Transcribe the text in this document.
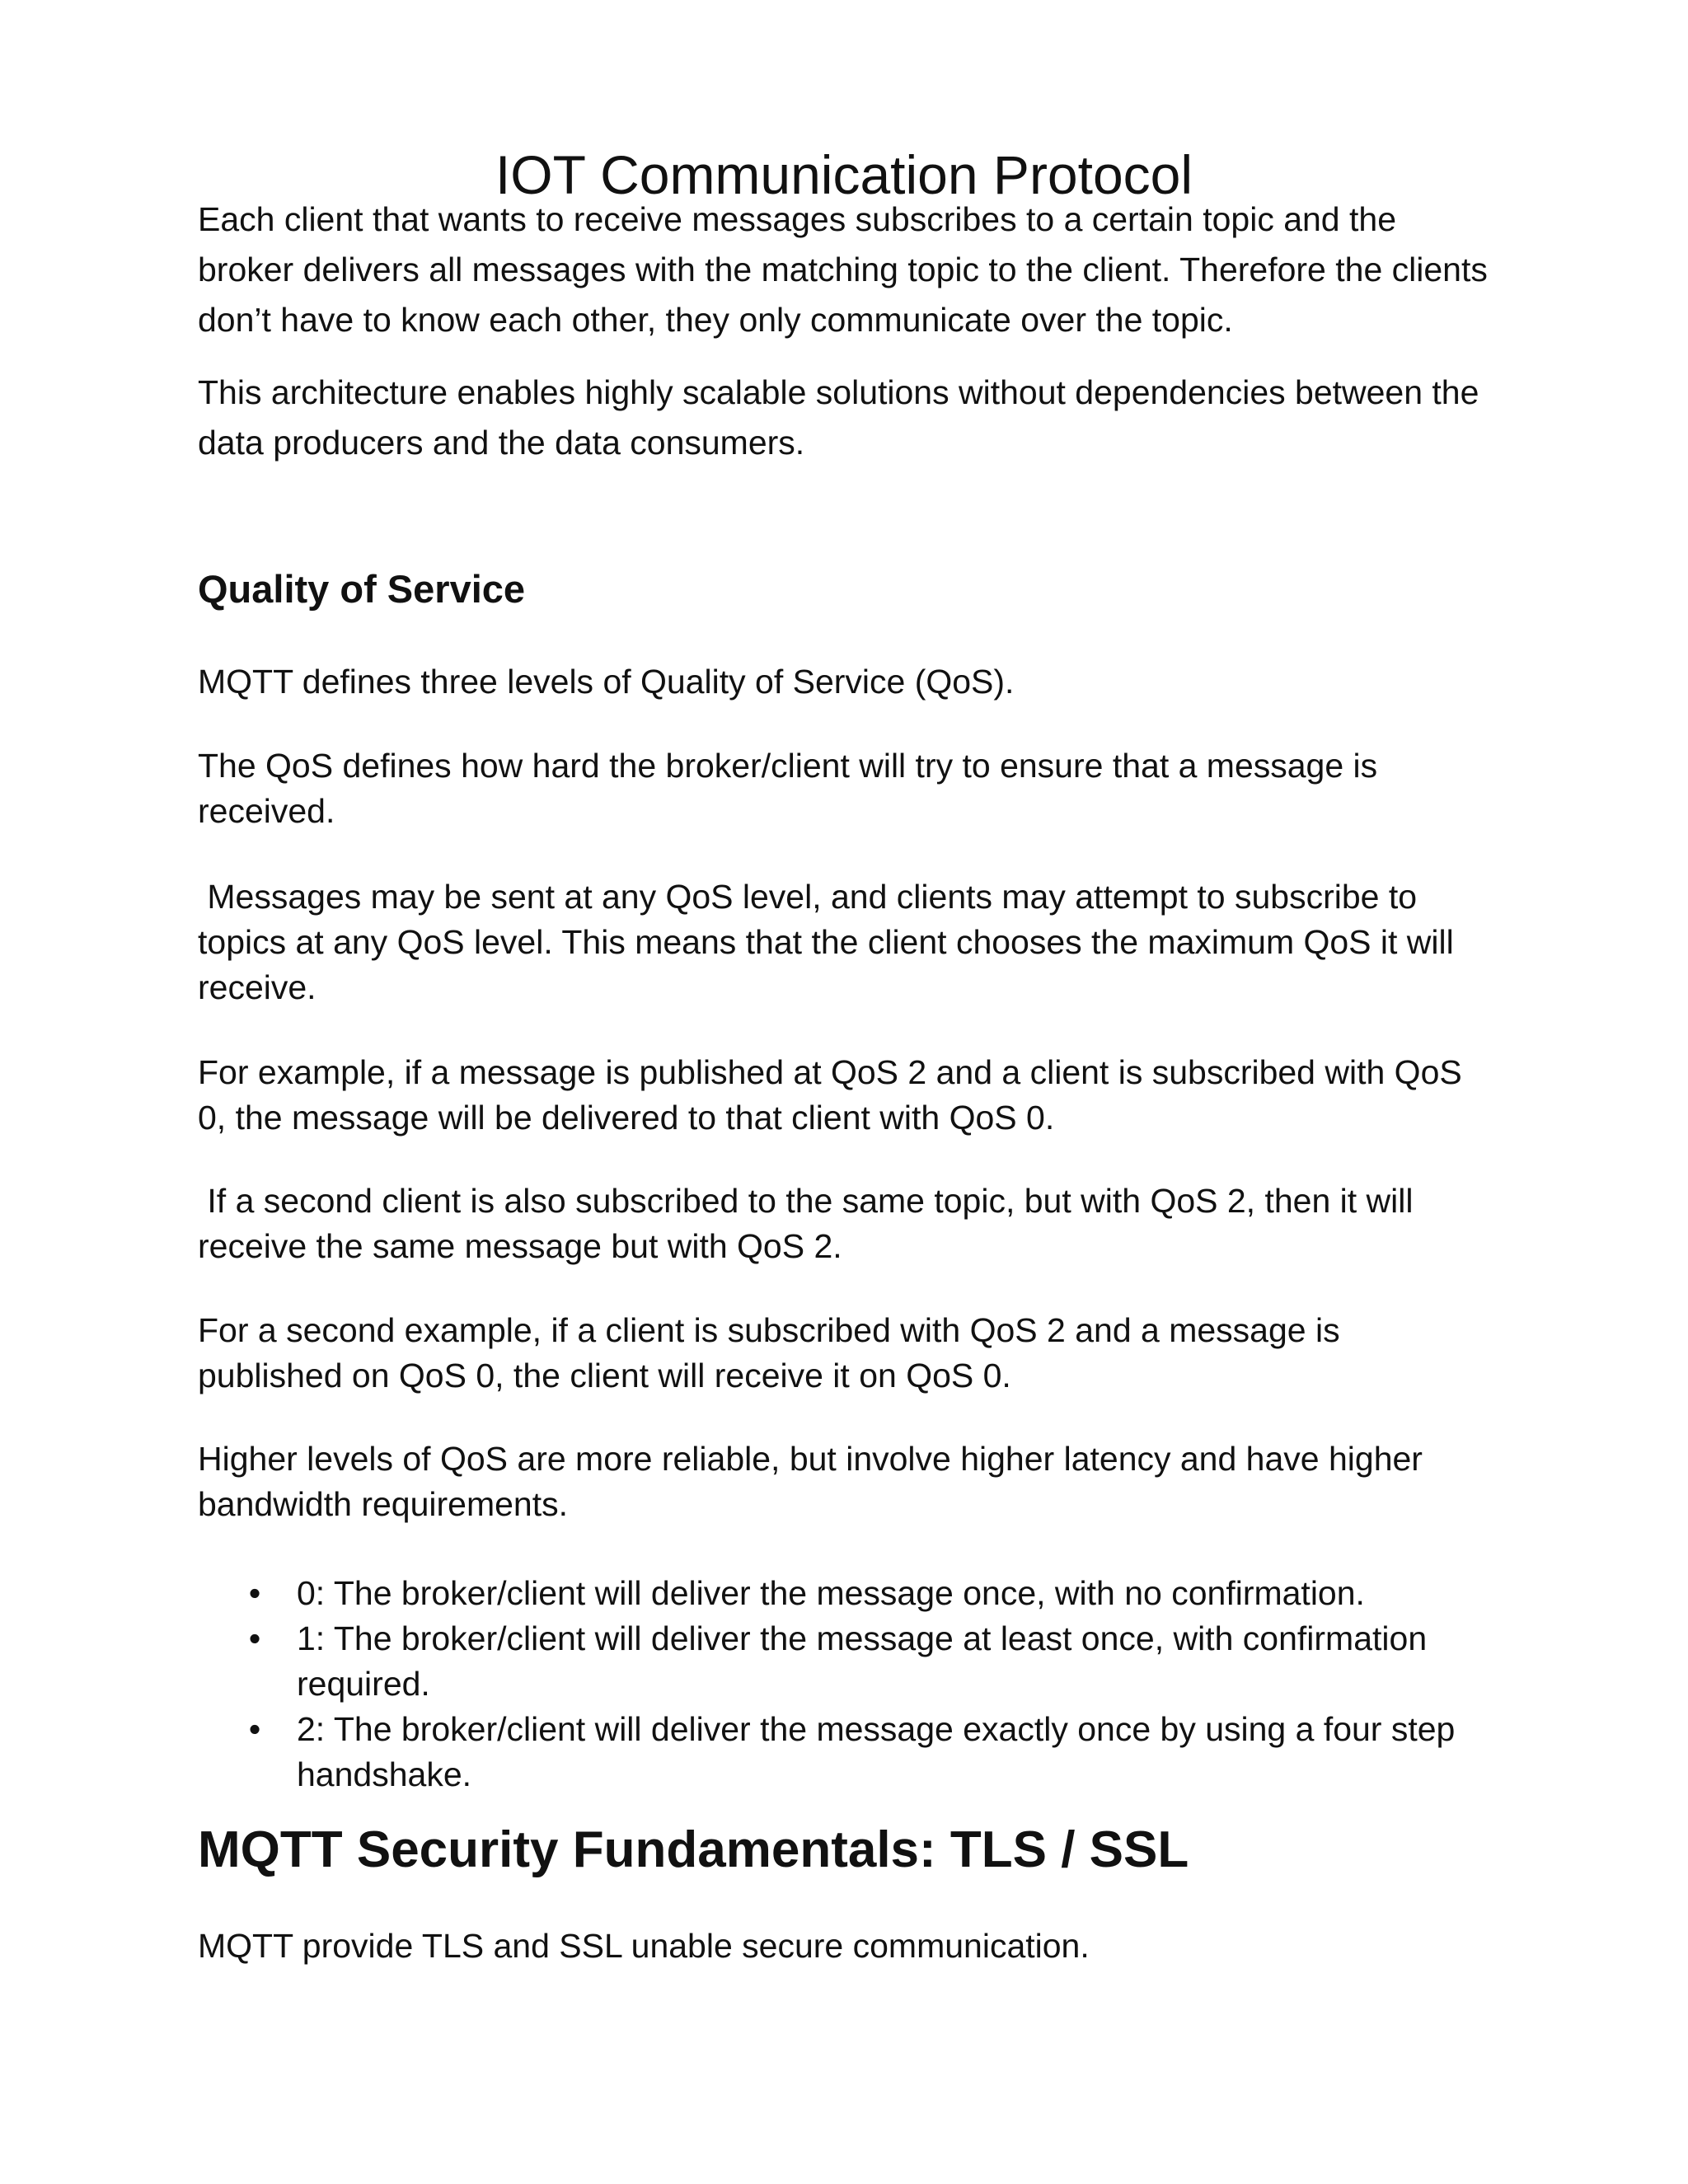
IOT Communication Protocol

Each client that wants to receive messages subscribes to a certain topic and the broker delivers all messages with the matching topic to the client. Therefore the clients don’t have to know each other, they only communicate over the topic.

This architecture enables highly scalable solutions without dependencies between the data producers and the data consumers.

Quality of Service

MQTT defines three levels of Quality of Service (QoS).

The QoS defines how hard the broker/client will try to ensure that a message is received.

Messages may be sent at any QoS level, and clients may attempt to subscribe to topics at any QoS level. This means that the client chooses the maximum QoS it will receive.

For example, if a message is published at QoS 2 and a client is subscribed with QoS 0, the message will be delivered to that client with QoS 0.

If a second client is also subscribed to the same topic, but with QoS 2, then it will receive the same message but with QoS 2.

For a second example, if a client is subscribed with QoS 2 and a message is published on QoS 0, the client will receive it on QoS 0.

Higher levels of QoS are more reliable, but involve higher latency and have higher bandwidth requirements.

• 0: The broker/client will deliver the message once, with no confirmation.
• 1: The broker/client will deliver the message at least once, with confirmation required.
• 2: The broker/client will deliver the message exactly once by using a four step handshake.
MQTT Security Fundamentals: TLS / SSL

MQTT provide TLS and SSL unable secure communication.
